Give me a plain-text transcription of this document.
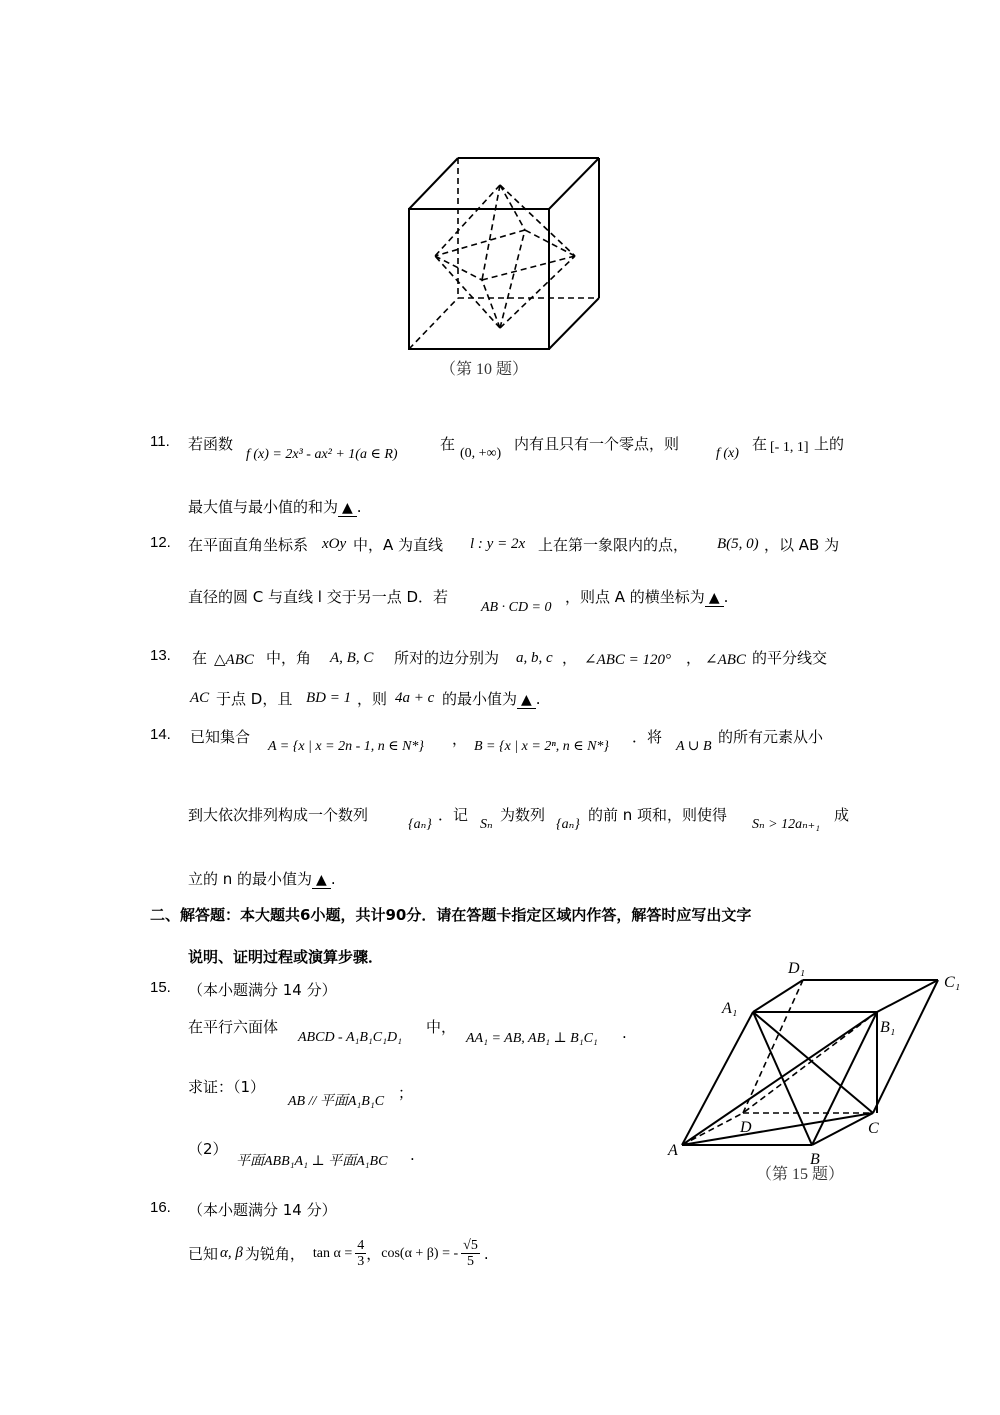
（第 10 题）
11. 若函数
f (x) = 2x³ - ax² + 1(a ∈ R)
在
(0, +∞)
内有且只有一个零点，则
f (x)
在 [- 1, 1] 上的
最大值与最小值的和为 ▲ .
12. 在平面直角坐标系 xOy 中，A 为直线 l : y = 2x 上在第一象限内的点， B(5, 0) ，以 AB 为
直径的圆 C 与直线 l 交于另一点 D．若
AB · CD = 0
，则点 A 的横坐标为 ▲ .
13. 在 △ABC 中，角 A, B, C 所对的边分别为 a, b, c ， ∠ABC = 120° ， ∠ABC 的平分线交
AC 于点 D，且 BD = 1 ，则 4a + c 的最小值为 ▲ .
14. 已知集合
A = {x | x = 2n - 1, n ∈ N*} ， B = {x | x = 2ⁿ, n ∈ N*}
．将
A ∪ B
的所有元素从小
到大依次排列构成一个数列
{aₙ}
．记
Sₙ
为数列
{aₙ}
的前 n 项和，则使得
Sₙ > 12aₙ₊₁
成
立的 n 的最小值为 ▲ .
二、解答题：本大题共6小题，共计90分．请在答题卡指定区域内作答，解答时应写出文字
说明、证明过程或演算步骤．
15. （本小题满分 14 分）
在平行六面体
ABCD - A₁B₁C₁D₁
中，
AA₁ = AB, AB₁ ⊥ B₁C₁ .
求证：（1）
AB // 平面A₁B₁C ；
（2）
平面ABB₁A₁ ⊥ 平面A₁BC .
D₁
C₁
A₁
B₁
D	C
A
B
（第 15 题）
16. （本小题满分 14 分）
已知 α, β 为锐角， $\tan \alpha = \frac{4}{3}$ ， cos(α + β) = - $\frac{√5}{5}$ .
